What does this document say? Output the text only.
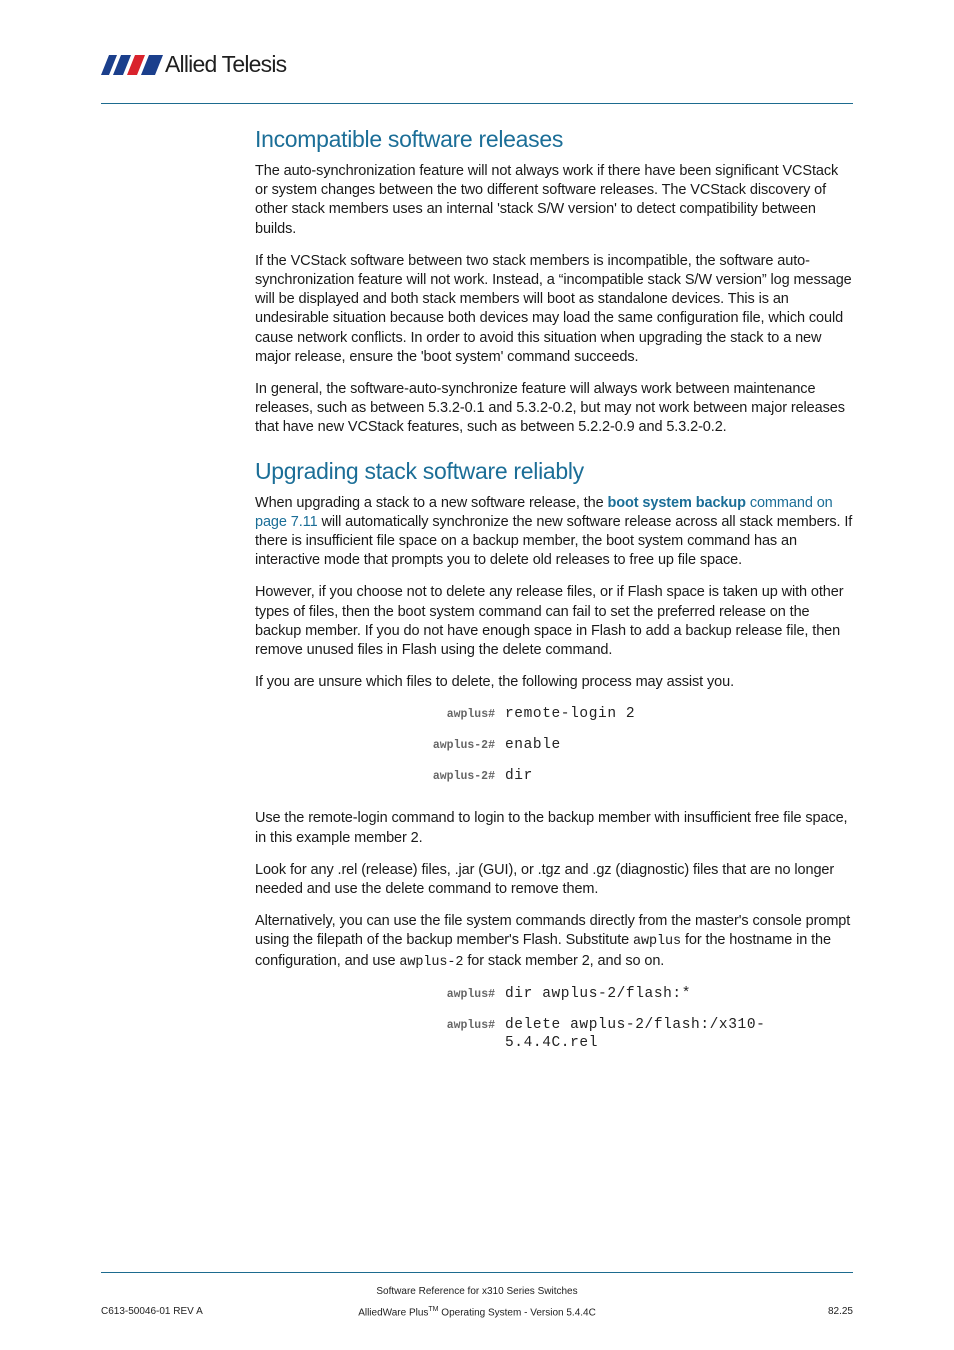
Allied Telesis
Incompatible software releases

The auto-synchronization feature will not always work if there have been significant VCStack or system changes between the two different software releases. The VCStack discovery of other stack members uses an internal 'stack S/W version' to detect compatibility between builds.

If the VCStack software between two stack members is incompatible, the software auto-synchronization feature will not work. Instead, a “incompatible stack S/W version” log message will be displayed and both stack members will boot as standalone devices. This is an undesirable situation because both devices may load the same configuration file, which could cause network conflicts. In order to avoid this situation when upgrading the stack to a new major release, ensure the 'boot system' command succeeds.

In general, the software-auto-synchronize feature will always work between maintenance releases, such as between 5.3.2-0.1 and 5.3.2-0.2, but may not work between major releases that have new VCStack features, such as between 5.2.2-0.9 and 5.3.2-0.2.

Upgrading stack software reliably

When upgrading a stack to a new software release, the boot system backup command on page 7.11 will automatically synchronize the new software release across all stack members. If there is insufficient file space on a backup member, the boot system command has an interactive mode that prompts you to delete old releases to free up file space.

However, if you choose not to delete any release files, or if Flash space is taken up with other types of files, then the boot system command can fail to set the preferred release on the backup member. If you do not have enough space in Flash to add a backup release file, then remove unused files in Flash using the delete command.

If you are unsure which files to delete, the following process may assist you.

awplus# remote-login 2
awplus-2# enable
awplus-2# dir

Use the remote-login command to login to the backup member with insufficient free file space, in this example member 2.

Look for any .rel (release) files, .jar (GUI), or .tgz and .gz (diagnostic) files that are no longer needed and use the delete command to remove them.

Alternatively, you can use the file system commands directly from the master's console prompt using the filepath of the backup member's Flash. Substitute awplus for the hostname in the configuration, and use awplus-2 for stack member 2, and so on.

awplus# dir awplus-2/flash:*
awplus# delete awplus-2/flash:/x310-5.4.4C.rel
Software Reference for x310 Series Switches
C613-50046-01 REV A	AlliedWare Plus™ Operating System - Version 5.4.4C	82.25
